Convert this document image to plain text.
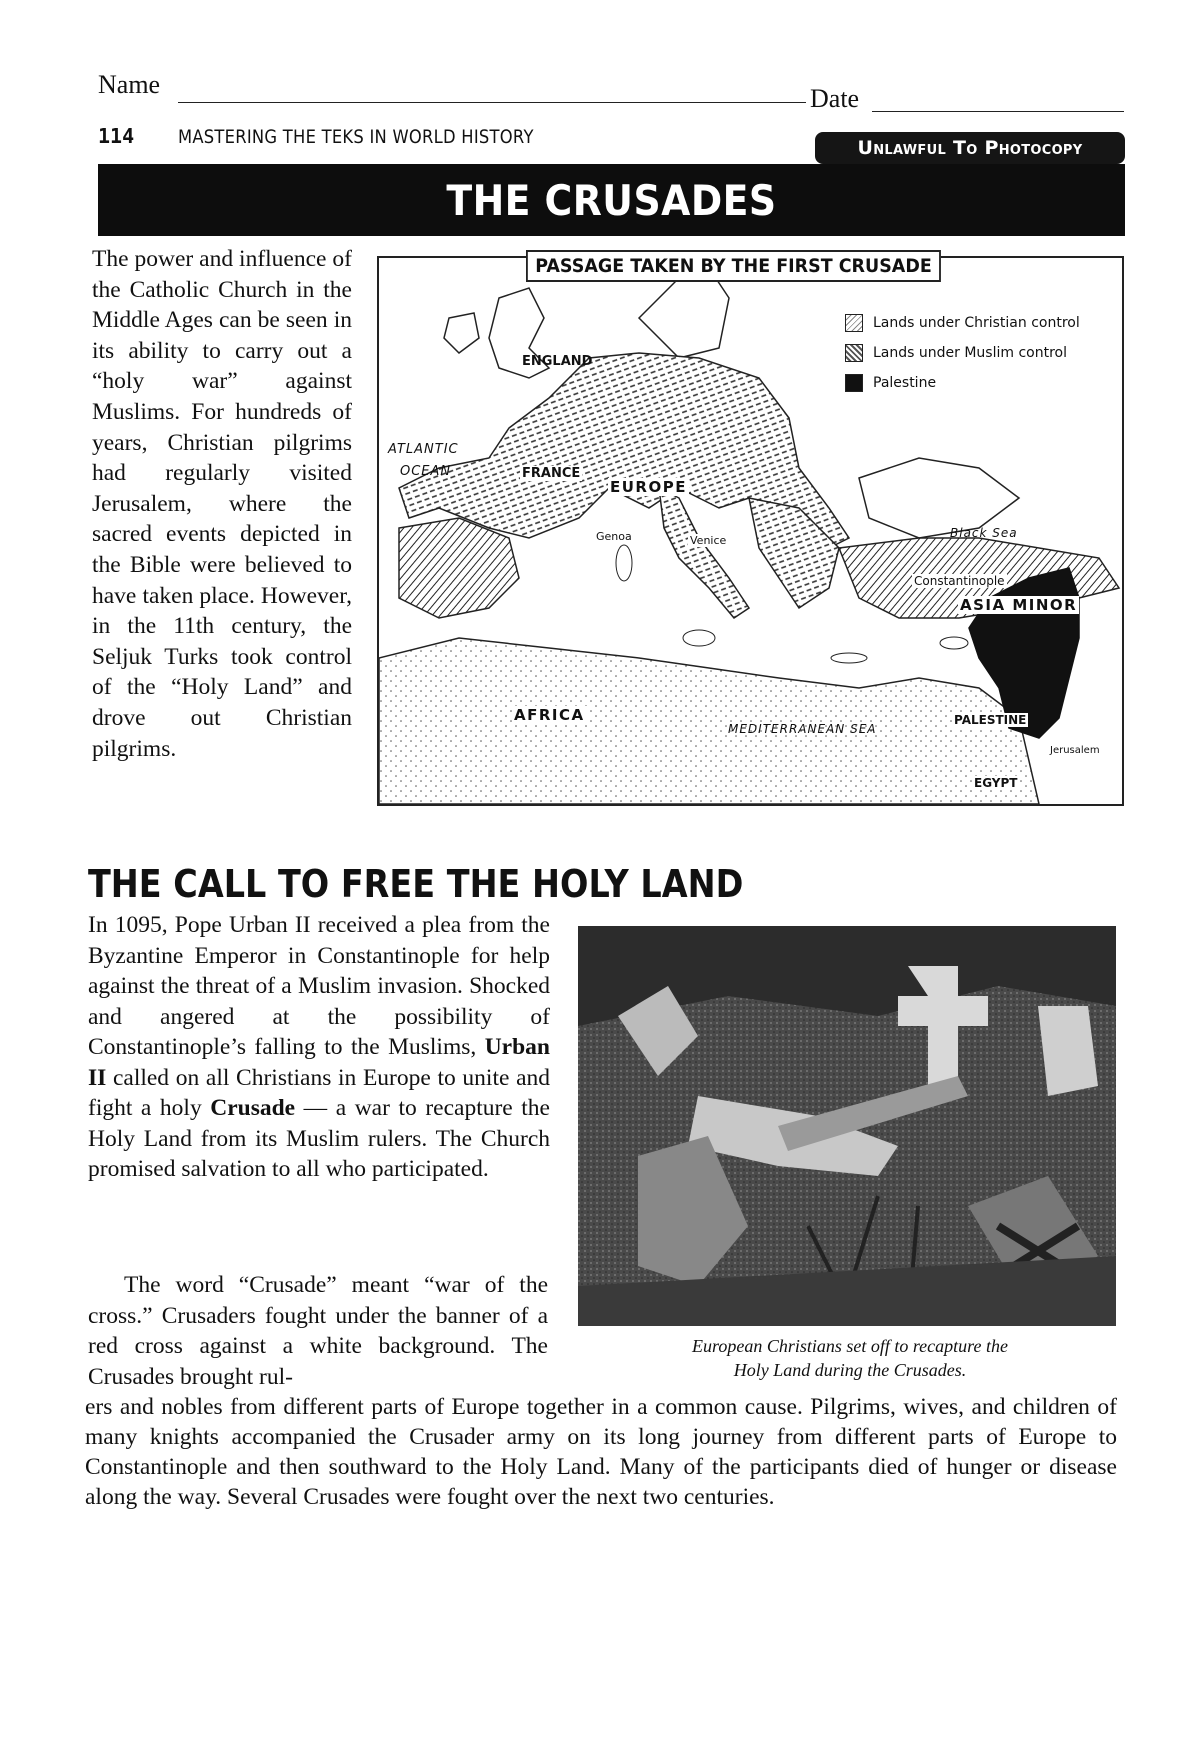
Name	Date
114 MASTERING THE TEKS IN WORLD HISTORY	Unlawful To Photocopy
THE CRUSADES
The power and influence of the Catholic Church in the Middle Ages can be seen in its ability to carry out a “holy war” against Muslims. For hundreds of years, Christian pilgrims had regularly visited Jerusalem, where the sacred events depicted in the Bible were believed to have taken place. However, in the 11th century, the Seljuk Turks took control of the “Holy Land” and drove out Christian pilgrims.
PASSAGE TAKEN BY THE FIRST CRUSADE
Lands under Christian control
Lands under Muslim control
Palestine
ENGLAND
ATLANTIC
OCEAN	FRANCE
EUROPE
Genoa	Venice
Black Sea
Constantinople
ASIA MINOR
AFRICA
MEDITERRANEAN SEA
PALESTINE
Jerusalem
EGYPT
THE CALL TO FREE THE HOLY LAND
In 1095, Pope Urban II received a plea from the Byzantine Emperor in Constantinople for help against the threat of a Muslim invasion. Shocked and angered at the possibility of Constantinople’s falling to the Muslims, Urban II called on all Christians in Europe to unite and fight a holy Crusade — a war to recapture the Holy Land from its Muslim rulers. The Church promised salvation to all who participated.
European Christians set off to recapture the
Holy Land during the Crusades.
The word “Crusade” meant “war of the cross.” Crusaders fought under the banner of a red cross against a white background. The Crusades brought rul-
ers and nobles from different parts of Europe together in a common cause. Pilgrims, wives, and children of many knights accompanied the Crusader army on its long journey from different parts of Europe to Constantinople and then southward to the Holy Land. Many of the participants died of hunger or disease along the way. Several Crusades were fought over the next two centuries.
